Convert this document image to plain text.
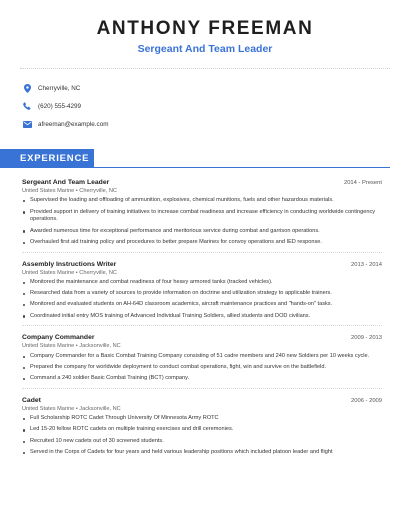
ANTHONY FREEMAN
Sergeant And Team Leader
Cherryville, NC
(620) 555-4299
afreeman@example.com
EXPERIENCE
Sergeant And Team Leader	2014 - Present
United States Marine • Cherryville, NC
Supervised the loading and offloading of ammunition, explosives, chemical munitions, fuels and other hazardous materials.
Provided support in delivery of training initiatives to increase combat readiness and increase efficiency in conducting worldwide contingency operations.
Awarded numerous time for exceptional performance and meritorious service during combat and garrison operations.
Overhauled first aid training policy and procedures to better prepare Marines for convoy operations and IED response.
Assembly Instructions Writer	2013 - 2014
United States Marine • Cherryville, NC
Monitored the maintenance and combat readiness of four heavy armored tanks (tracked vehicles).
Researched data from a variety of sources to provide information on doctrine and utilization strategy to applicable trainers.
Monitored and evaluated students on AH-64D classroom academics, aircraft maintenance practices and "hands-on" tasks.
Coordinated initial entry MOS training of Advanced Individual Training Soldiers, allied students and DOD civilians.
Company Commander	2009 - 2013
United States Marine • Jacksonville, NC
Company Commander for a Basic Combat Training Company consisting of 51 cadre members and 240 new Soldiers per 10 weeks cycle.
Prepared the company for worldwide deployment to conduct combat operations, fight, win and survive on the battlefield.
Command a 240 soldier Basic Combat Training (BCT) company.
Cadet	2006 - 2009
United States Marine • Jacksonville, NC
Full Scholarship ROTC Cadet Through University Of Minnesota Army ROTC
Led 15-20 fellow ROTC cadets on multiple training exercises and drill ceremonies.
Recruited 10 new cadets out of 30 screened students.
Served in the Corps of Cadets for four years and held various leadership positions which included platoon leader and flight
